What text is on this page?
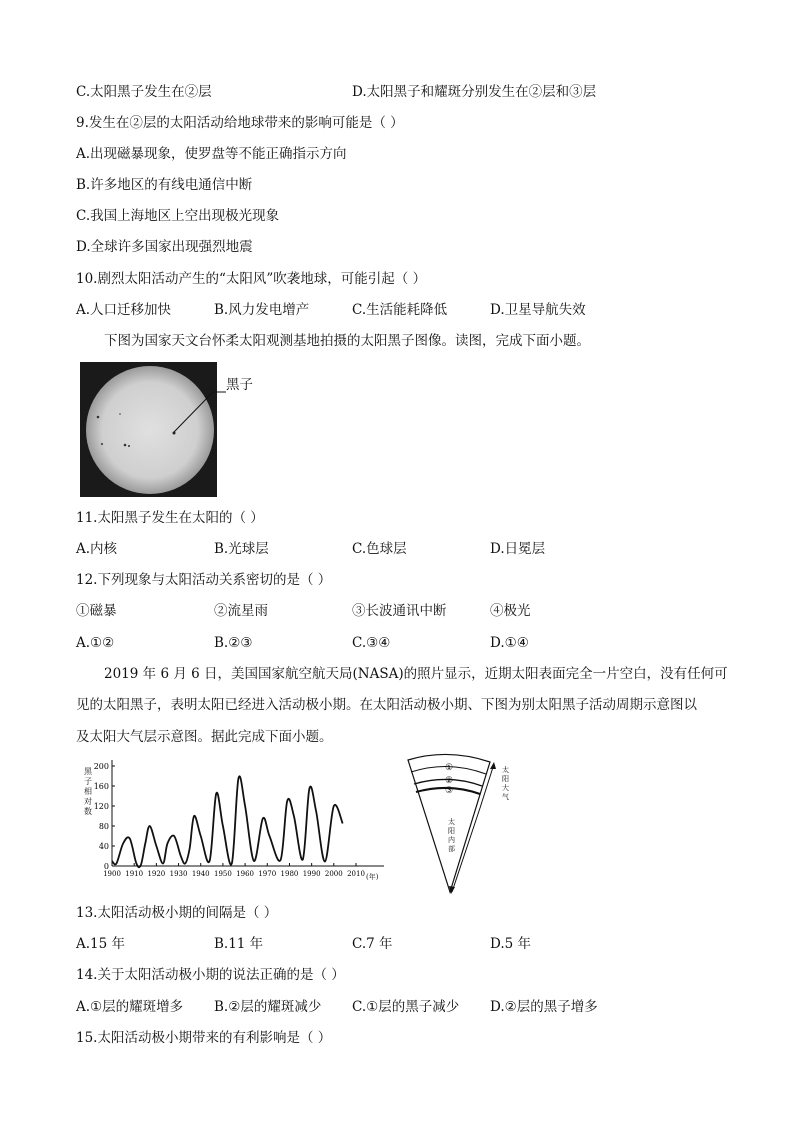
C.太阳黑子发生在②层	D.太阳黑子和耀斑分别发生在②层和③层
9.发生在②层的太阳活动给地球带来的影响可能是（ ）
A.出现磁暴现象，使罗盘等不能正确指示方向
B.许多地区的有线电通信中断
C.我国上海地区上空出现极光现象
D.全球许多国家出现强烈地震
10.剧烈太阳活动产生的“太阳风”吹袭地球，可能引起（ ）
A.人口迁移加快	B.风力发电增产	C.生活能耗降低	D.卫星导航失效
下图为国家天文台怀柔太阳观测基地拍摄的太阳黑子图像。读图，完成下面小题。
黑子
11.太阳黑子发生在太阳的（ ）
A.内核	B.光球层	C.色球层	D.日冕层
12.下列现象与太阳活动关系密切的是（ ）
①磁暴	②流星雨	③长波通讯中断	④极光
A.①②	B.②③	C.③④	D.①④
2019 年 6 月 6 日，美国国家航空航天局(NASA)的照片显示，近期太阳表面完全一片空白，没有任何可
见的太阳黑子，表明太阳已经进入活动极小期。在太阳活动极小期、下图为别太阳黑子活动周期示意图以
及太阳大气层示意图。据此完成下面小题。
0
40
80
120
160
200
1900 1910 1920 1930 1940 1950 1960 1970 1980 1990 2000 2010
黑子相对数
(年)
①
②
③
太阳大气
太阳内部
13.太阳活动极小期的间隔是（ ）
A.15 年	B.11 年	C.7 年	D.5 年
14.关于太阳活动极小期的说法正确的是（ ）
A.①层的耀斑增多 B.②层的耀斑减少 C.①层的黑子减少 D.②层的黑子增多
15.太阳活动极小期带来的有利影响是（ ）
